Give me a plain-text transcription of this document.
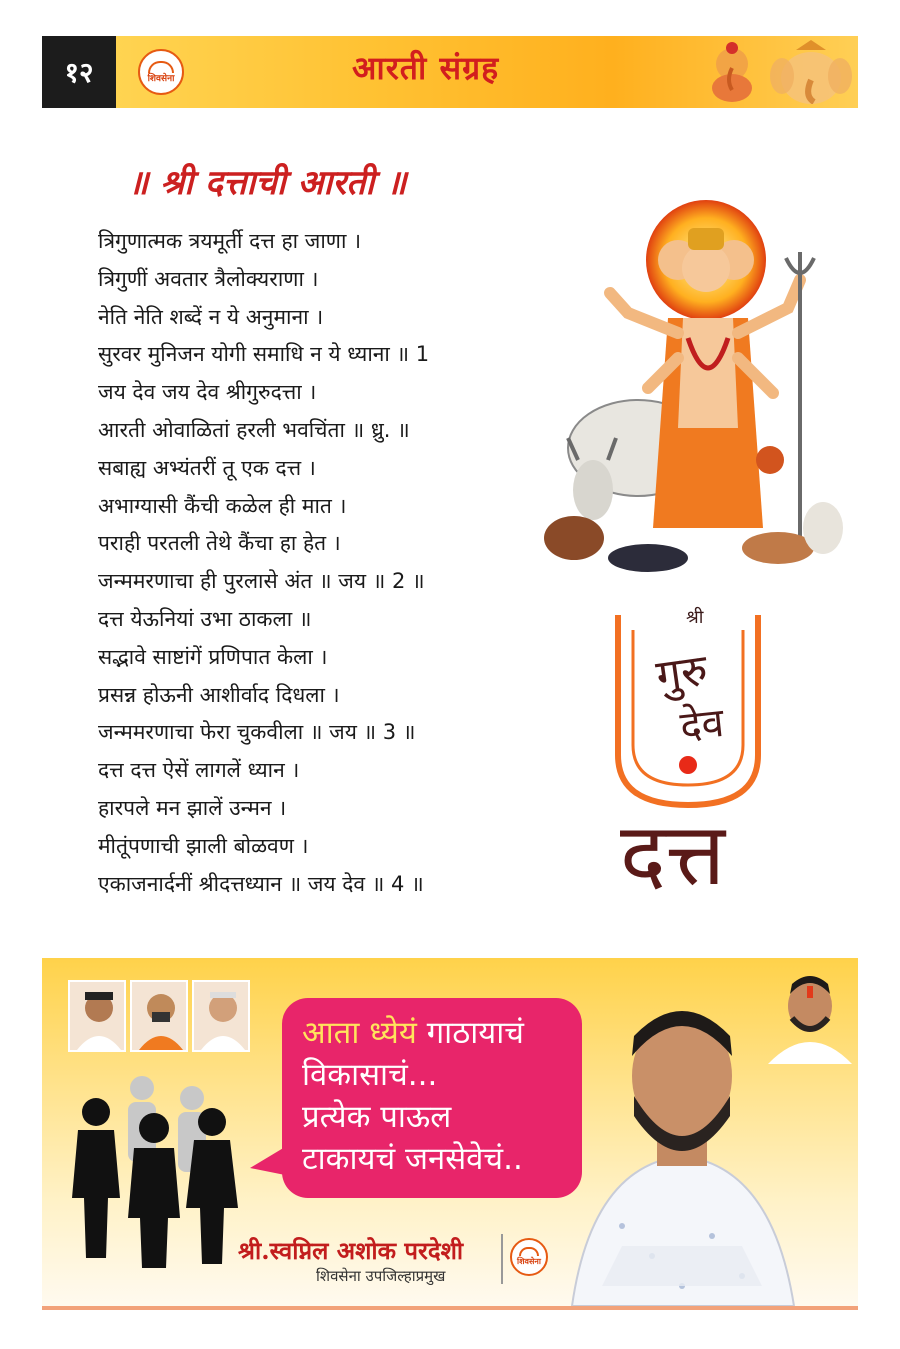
१२	शिवसेना	आरती संग्रह
॥ श्री दत्ताची आरती ॥
त्रिगुणात्मक त्रयमूर्ती दत्त हा जाणा ।
त्रिगुणीं अवतार त्रैलोक्यराणा ।
नेति नेति शब्दें न ये अनुमाना ।
सुरवर मुनिजन योगी समाधि न ये ध्याना ॥ 1
जय देव जय देव श्रीगुरुदत्ता ।
आरती ओवाळितां हरली भवचिंता ॥ ध्रु. ॥
सबाह्य अभ्यंतरीं तू एक दत्त ।
अभाग्यासी कैंची कळेल ही मात ।
पराही परतली तेथे कैंचा हा हेत ।
जन्ममरणाचा ही पुरलासे अंत ॥ जय ॥ 2 ॥
दत्त येऊनियां उभा ठाकला ॥
सद्भावे साष्टांगें प्रणिपात केला ।
प्रसन्न होऊनी आशीर्वाद दिधला ।
जन्ममरणाचा फेरा चुकवीला ॥ जय ॥ 3 ॥
दत्त दत्त ऐसें लागलें ध्यान ।
हारपले मन झालें उन्मन ।
मीतूंपणाची झाली बोळवण ।
एकाजनार्दनीं श्रीदत्तध्यान ॥ जय देव ॥ 4 ॥
श्री
गुरु
देव
दत्त
आता ध्येयं गाठायाचं
विकासाचं...
प्रत्येक पाऊल
टाकायचं जनसेवेचं..
श्री.स्वप्निल अशोक परदेशी
शिवसेना उपजिल्हाप्रमुख
शिवसेना
